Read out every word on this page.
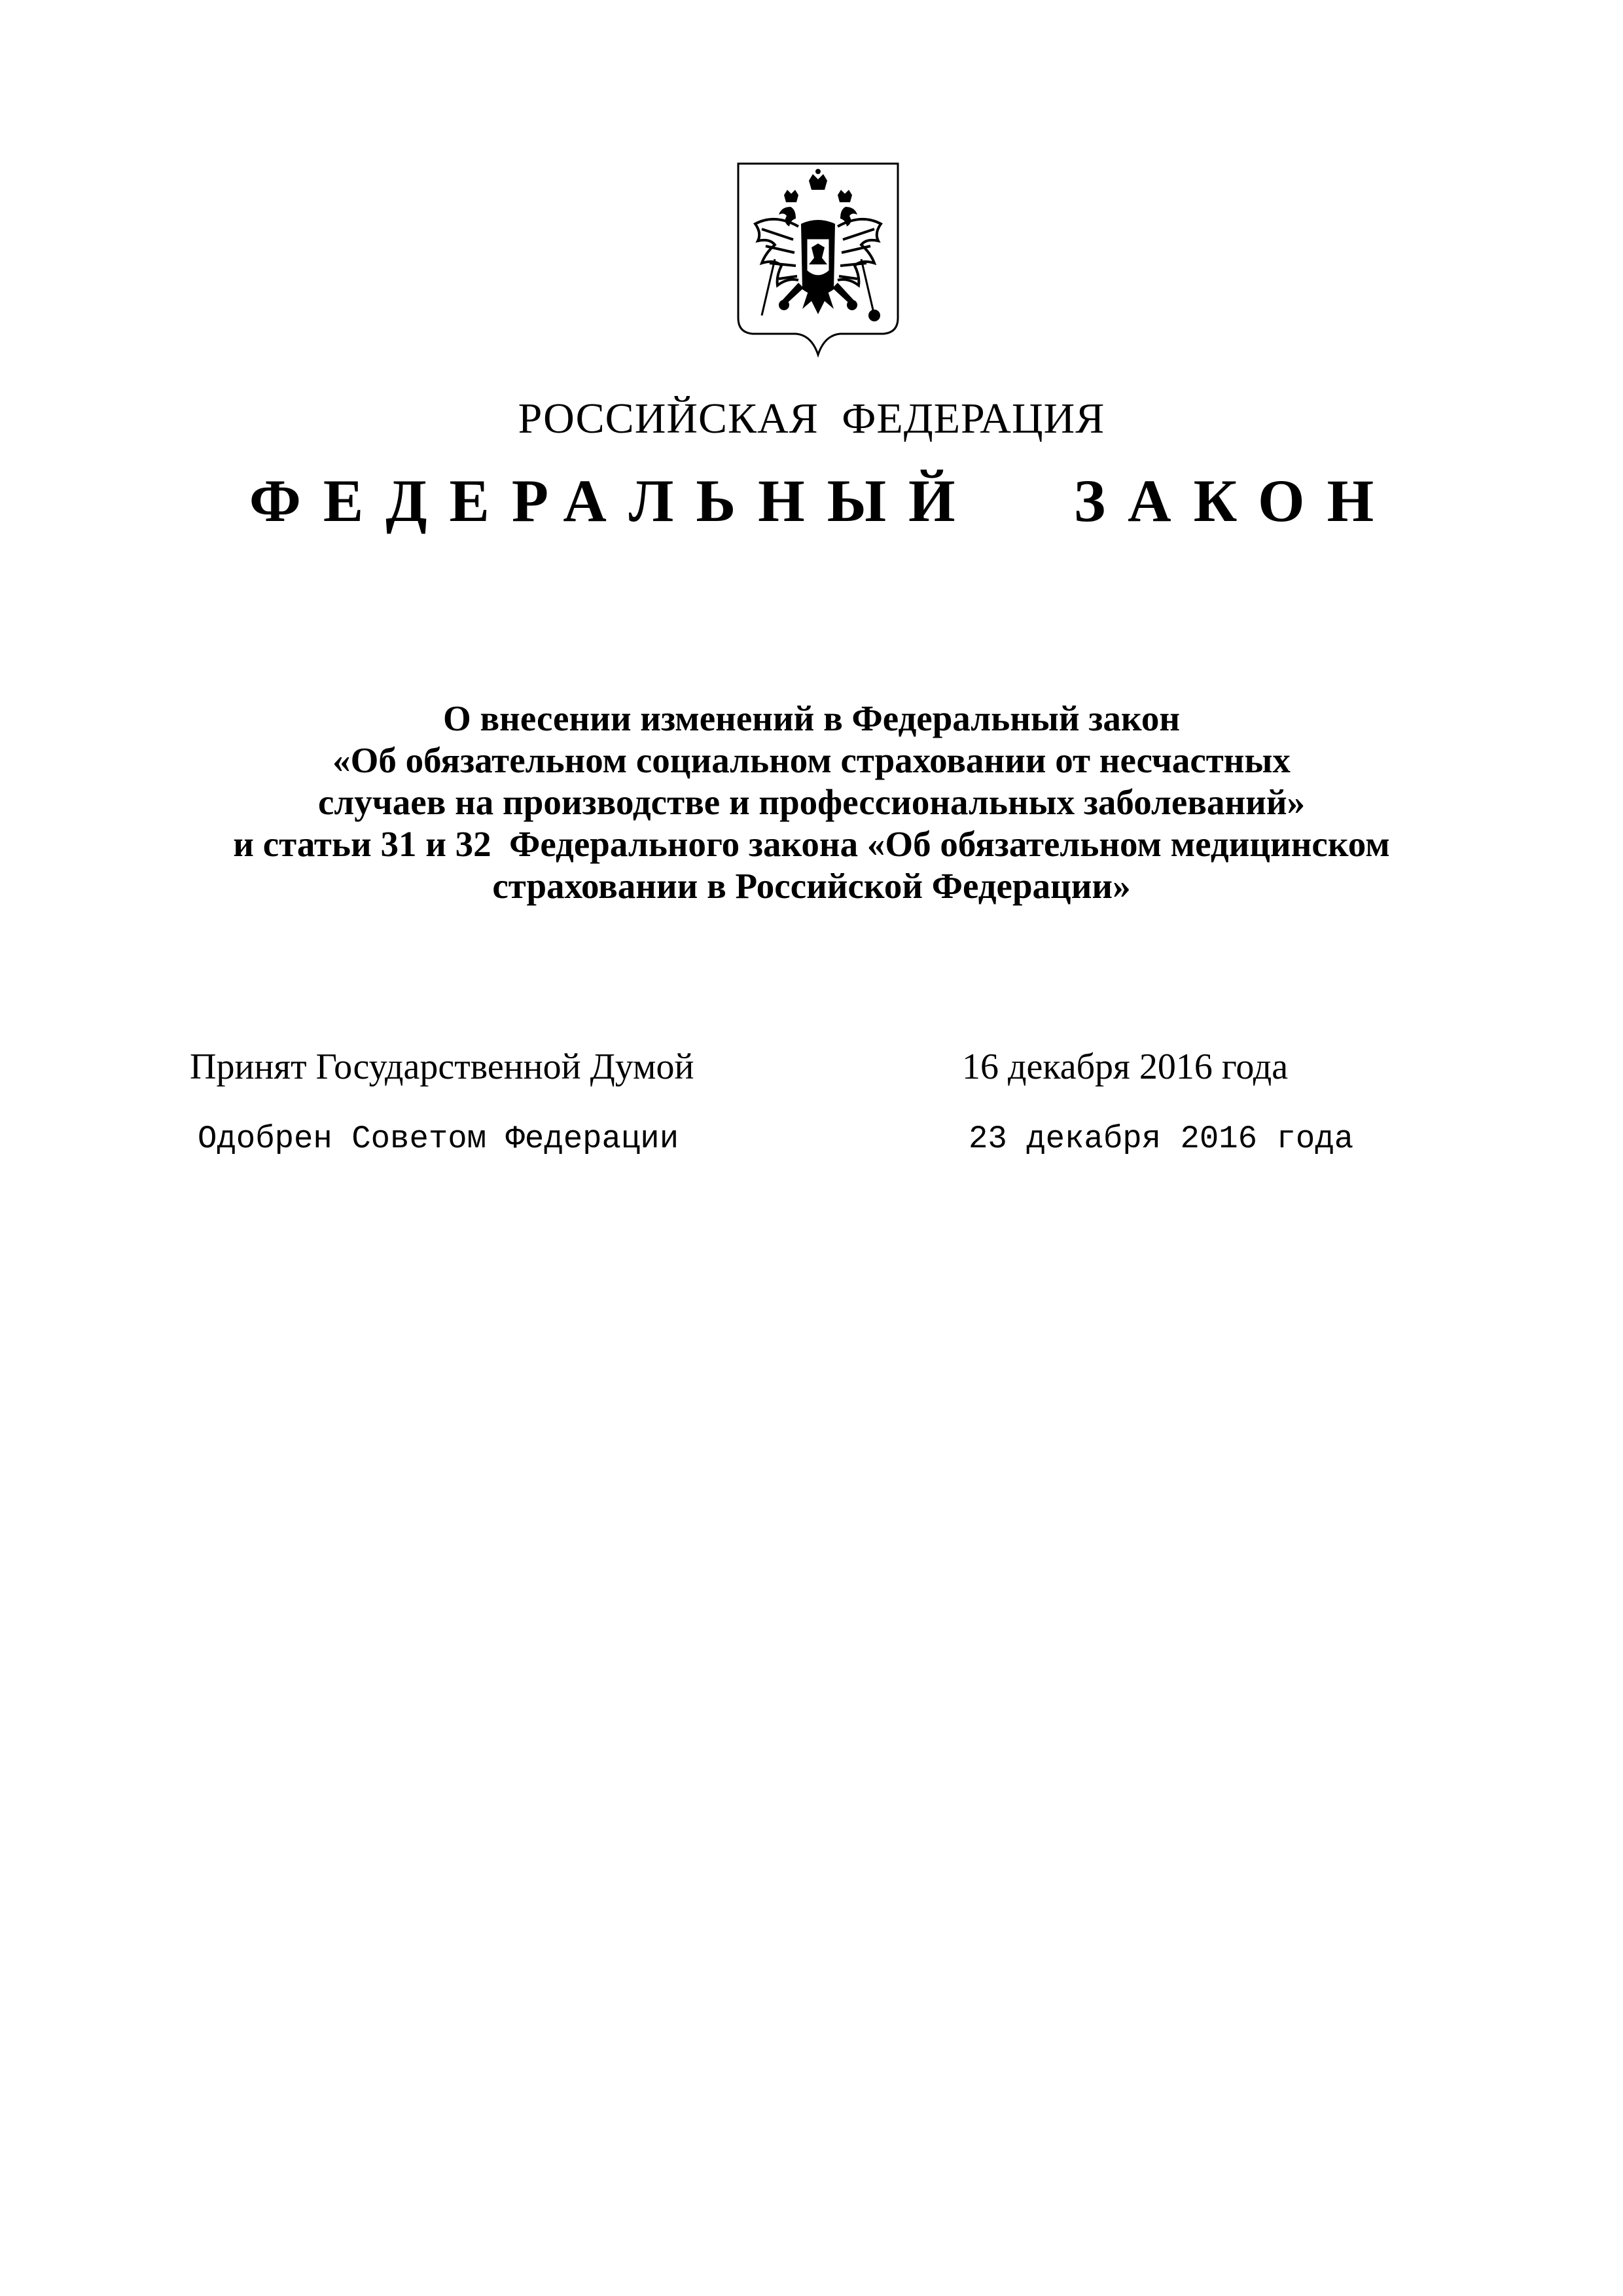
РОССИЙСКАЯ ФЕДЕРАЦИЯ
ФЕДЕРАЛЬНЫЙ ЗАКОН
О внесении изменений в Федеральный закон
«Об обязательном социальном страховании от несчастных
случаев на производстве и профессиональных заболеваний»
и статьи 31 и 32  Федерального закона «Об обязательном медицинском
страховании в Российской Федерации»
Принят Государственной Думой	16 декабря 2016 года
Одобрен Советом Федерации	23 декабря 2016 года
